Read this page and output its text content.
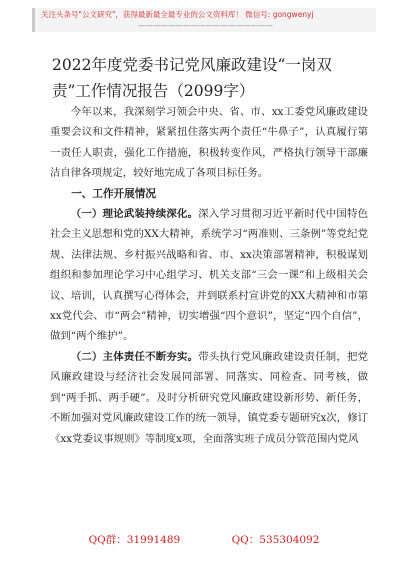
关注头条号"公文研究"，获得最新最全最专业的公文资料库！ 微信号: gongwenyj
——————————————————
2022年度党委书记党风廉政建设“一岗双责”工作情况报告（2099字）

今年以来，我深刻学习领会中央、省、市、xx工委党风廉政建设重要会议和文件精神，紧紧扭住落实两个责任“牛鼻子”，认真履行第一责任人职责，强化工作措施，积极转变作风，严格执行领导干部廉洁自律各项规定，较好地完成了各项目标任务。

一、工作开展情况

（一）理论武装持续深化。深入学习贯彻习近平新时代中国特色社会主义思想和党的XX大精神，系统学习“两准则、三条例”等党纪党规、法律法规、乡村振兴战略和省、市、xx决策部署精神，积极谋划组织和参加理论学习中心组学习、机关支部“三会一课”和上级相关会议、培训，认真撰写心得体会，并到联系村宣讲党的XX大精神和市第xx党代会、市“两会”精神，切实增强“四个意识”，坚定“四个自信”，做到“两个维护”。

（二）主体责任不断夯实。带头执行党风廉政建设责任制，把党风廉政建设与经济社会发展同部署、同落实、同检查、同考核，做到“两手抓、两手硬”。及时分析研究党风廉政建设新形势、新任务，不断加强对党风廉政建设工作的统一领导，镇党委专题研究x次，修订《xx党委议事规则》等制度x项，全面落实班子成员分管范围内党风

QQ群：31991489	QQ：535304092
